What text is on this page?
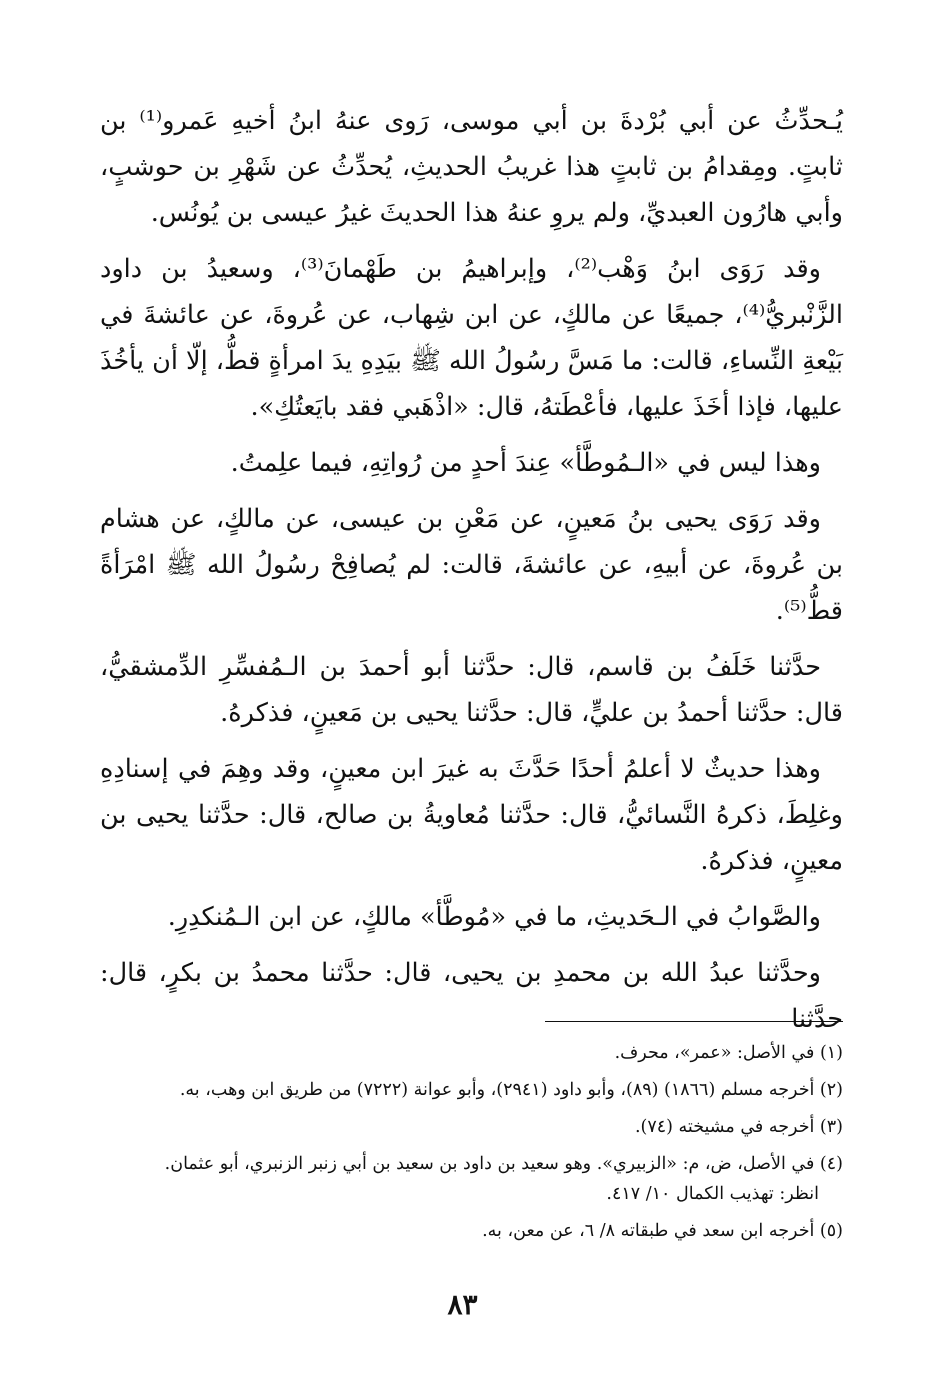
يُـحدِّثُ عن أبي بُرْدةَ بن أبي موسى، رَوى عنهُ ابنُ أخيهِ عَمرو⁽¹⁾ بن ثابتٍ. ومِقدامُ بن ثابتٍ هذا غريبُ الحديثِ، يُحدِّثُ عن شَهْرِ بن حوشبٍ، وأبي هارُون العبديِّ، ولم يروِ عنهُ هذا الحديثَ غيرُ عيسى بن يُونُس.

وقد رَوَى ابنُ وَهْب⁽²⁾، وإبراهيمُ بن طَهْمانَ⁽³⁾، وسعيدُ بن داود الزَّنْبريُّ⁽⁴⁾، جميعًا عن مالكٍ، عن ابن شِهاب، عن عُروةَ، عن عائشةَ في بَيْعةِ النِّساءِ، قالت: ما مَسَّ رسُولُ الله ﷺ بيَدِهِ يدَ امرأةٍ قطُّ، إلّا أن يأخُذَ عليها، فإذا أخَذَ عليها، فأعْطَتهُ، قال: «اذْهَبي فقد بايَعتُكِ».

وهذا ليس في «الـمُوطَّأ» عِندَ أحدٍ من رُواتِهِ، فيما علِمتُ.

وقد رَوَى يحيى بنُ مَعينٍ، عن مَعْنِ بن عيسى، عن مالكٍ، عن هشام بن عُروةَ، عن أبيهِ، عن عائشةَ، قالت: لم يُصافِحْ رسُولُ الله ﷺ امْرَأةً قطُّ⁽⁵⁾.

حدَّثنا خَلَفُ بن قاسم، قال: حدَّثنا أبو أحمدَ بن الـمُفسِّرِ الدِّمشقيُّ، قال: حدَّثنا أحمدُ بن عليٍّ، قال: حدَّثنا يحيى بن مَعينٍ، فذكرهُ.

وهذا حديثٌ لا أعلمُ أحدًا حَدَّثَ به غيرَ ابن معينٍ، وقد وهِمَ في إسنادِهِ وغلِطَ، ذكرهُ النَّسائيُّ، قال: حدَّثنا مُعاويةُ بن صالح، قال: حدَّثنا يحيى بن معينٍ، فذكرهُ.

والصَّوابُ في الـحَديثِ، ما في «مُوطَّأ» مالكٍ، عن ابن الـمُنكدِرِ.

وحدَّثنا عبدُ الله بن محمدِ بن يحيى، قال: حدَّثنا محمدُ بن بكرٍ، قال: حدَّثنا

(١) في الأصل: «عمر»، محرف.

(٢) أخرجه مسلم (١٨٦٦) (٨٩)، وأبو داود (٢٩٤١)، وأبو عوانة (٧٢٢٢) من طريق ابن وهب، به.

(٣) أخرجه في مشيخته (٧٤).

(٤) في الأصل، ض، م: «الزبيري». وهو سعيد بن داود بن سعيد بن أبي زنبر الزنبري، أبو عثمان.
انظر: تهذيب الكمال ١٠/ ٤١٧.

(٥) أخرجه ابن سعد في طبقاته ٨/ ٦، عن معن، به.

٨٣
